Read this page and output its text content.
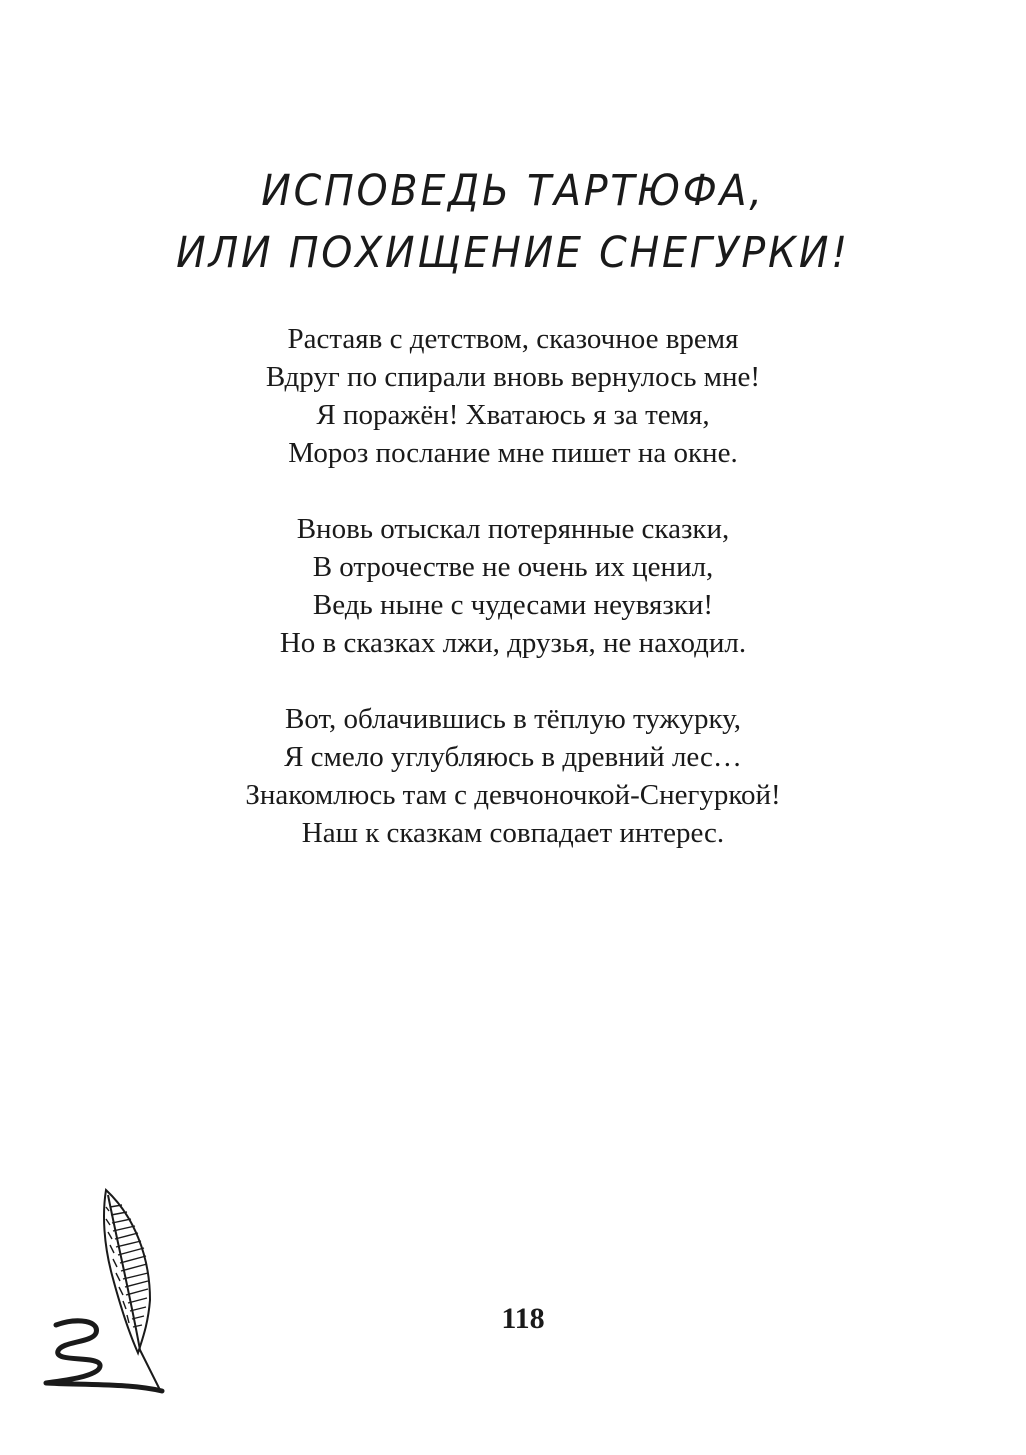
ИСПОВЕДЬ ТАРТЮФА,
ИЛИ ПОХИЩЕНИЕ СНЕГУРКИ!
Растаяв с детством, сказочное время
Вдруг по спирали вновь вернулось мне!
Я поражён! Хватаюсь я за темя,
Мороз послание мне пишет на окне.
Вновь отыскал потерянные сказки,
В отрочестве не очень их ценил,
Ведь ныне с чудесами неувязки!
Но в сказках лжи, друзья, не находил.
Вот, облачившись в тёплую тужурку,
Я смело углубляюсь в древний лес…
Знакомлюсь там с девчоночкой-Снегуркой!
Наш к сказкам совпадает интерес.
118
